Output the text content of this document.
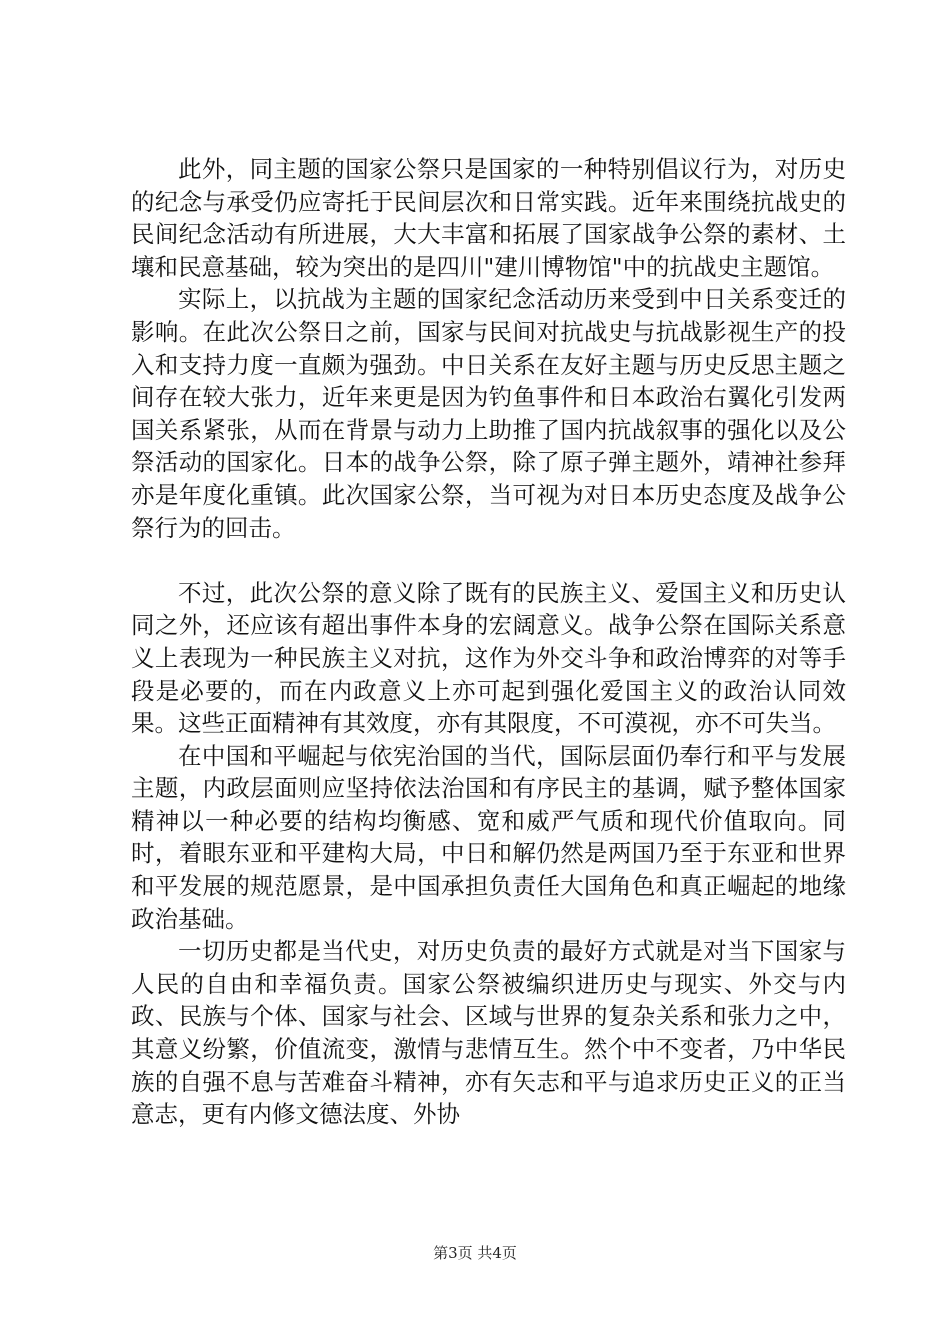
此外，同主题的国家公祭只是国家的一种特别倡议行为，对历史的纪念与承受仍应寄托于民间层次和日常实践。近年来围绕抗战史的民间纪念活动有所进展，大大丰富和拓展了国家战争公祭的素材、土壤和民意基础，较为突出的是四川"建川博物馆"中的抗战史主题馆。

实际上，以抗战为主题的国家纪念活动历来受到中日关系变迁的影响。在此次公祭日之前，国家与民间对抗战史与抗战影视生产的投入和支持力度一直颇为强劲。中日关系在友好主题与历史反思主题之间存在较大张力，近年来更是因为钓鱼事件和日本政治右翼化引发两国关系紧张，从而在背景与动力上助推了国内抗战叙事的强化以及公祭活动的国家化。日本的战争公祭，除了原子弹主题外，靖神社参拜亦是年度化重镇。此次国家公祭，当可视为对日本历史态度及战争公祭行为的回击。

不过，此次公祭的意义除了既有的民族主义、爱国主义和历史认同之外，还应该有超出事件本身的宏阔意义。战争公祭在国际关系意义上表现为一种民族主义对抗，这作为外交斗争和政治博弈的对等手段是必要的，而在内政意义上亦可起到强化爱国主义的政治认同效果。这些正面精神有其效度，亦有其限度，不可漠视，亦不可失当。

在中国和平崛起与依宪治国的当代，国际层面仍奉行和平与发展主题，内政层面则应坚持依法治国和有序民主的基调，赋予整体国家精神以一种必要的结构均衡感、宽和威严气质和现代价值取向。同时，着眼东亚和平建构大局，中日和解仍然是两国乃至于东亚和世界和平发展的规范愿景，是中国承担负责任大国角色和真正崛起的地缘政治基础。

一切历史都是当代史，对历史负责的最好方式就是对当下国家与人民的自由和幸福负责。国家公祭被编织进历史与现实、外交与内政、民族与个体、国家与社会、区域与世界的复杂关系和张力之中，其意义纷繁，价值流变，激情与悲情互生。然个中不变者，乃中华民族的自强不息与苦难奋斗精神，亦有矢志和平与追求历史正义的正当意志，更有内修文德法度、外协

第3页 共4页
